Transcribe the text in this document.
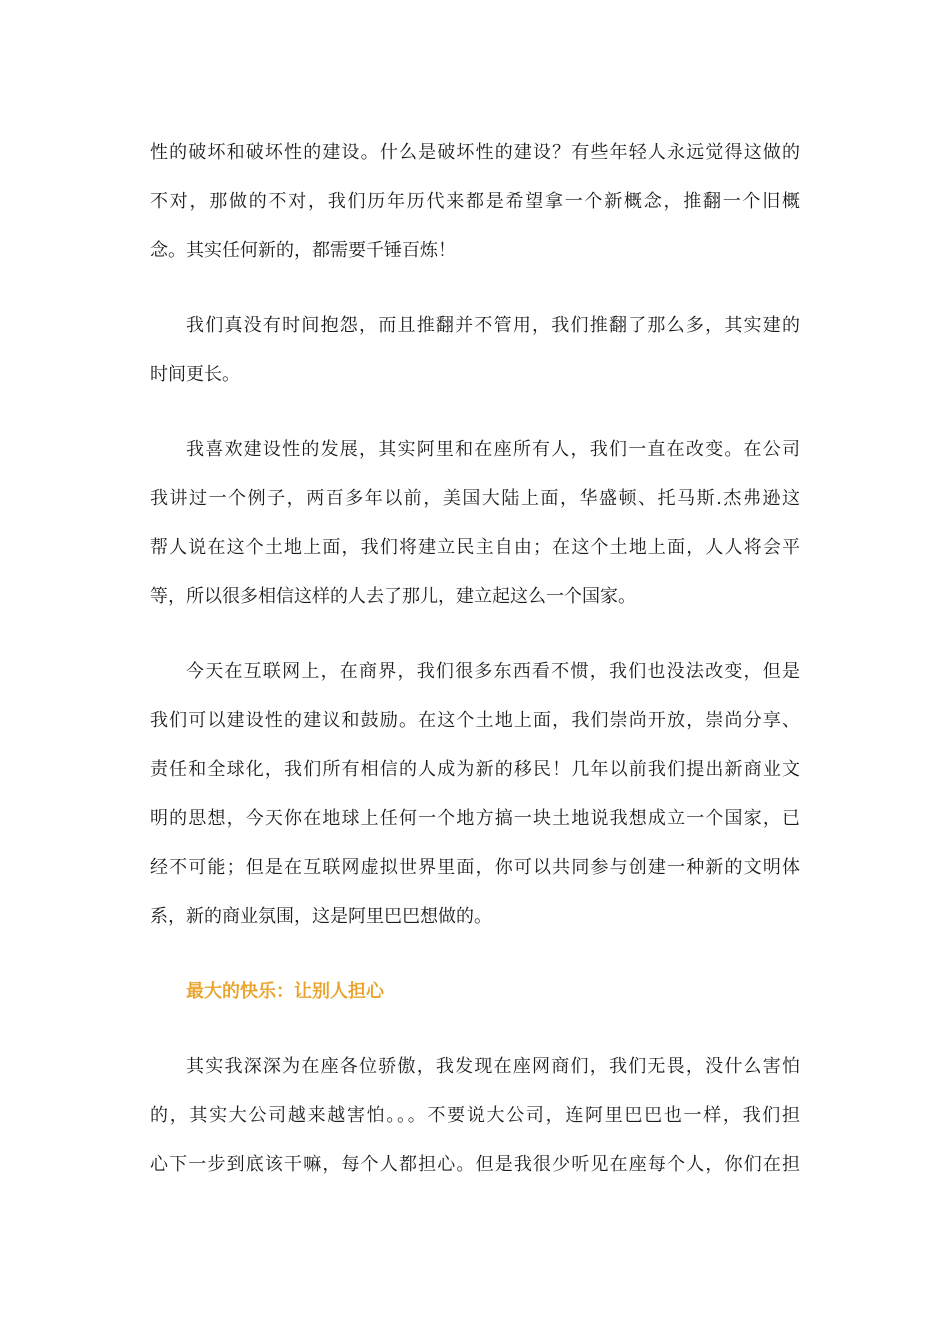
性的破坏和破坏性的建设。什么是破坏性的建设？有些年轻人永远觉得这做的
不对，那做的不对，我们历年历代来都是希望拿一个新概念，推翻一个旧概
念。其实任何新的，都需要千锤百炼！
我们真没有时间抱怨，而且推翻并不管用，我们推翻了那么多，其实建的
时间更长。
我喜欢建设性的发展，其实阿里和在座所有人，我们一直在改变。在公司
我讲过一个例子，两百多年以前，美国大陆上面，华盛顿、托马斯.杰弗逊这
帮人说在这个土地上面，我们将建立民主自由；在这个土地上面，人人将会平
等，所以很多相信这样的人去了那儿，建立起这么一个国家。
今天在互联网上，在商界，我们很多东西看不惯，我们也没法改变，但是
我们可以建设性的建议和鼓励。在这个土地上面，我们崇尚开放，崇尚分享、
责任和全球化，我们所有相信的人成为新的移民！几年以前我们提出新商业文
明的思想，今天你在地球上任何一个地方搞一块土地说我想成立一个国家，已
经不可能；但是在互联网虚拟世界里面，你可以共同参与创建一种新的文明体
系，新的商业氛围，这是阿里巴巴想做的。
最大的快乐：让别人担心
其实我深深为在座各位骄傲，我发现在座网商们，我们无畏，没什么害怕
的，其实大公司越来越害怕。。。不要说大公司，连阿里巴巴也一样，我们担
心下一步到底该干嘛，每个人都担心。但是我很少听见在座每个人，你们在担
